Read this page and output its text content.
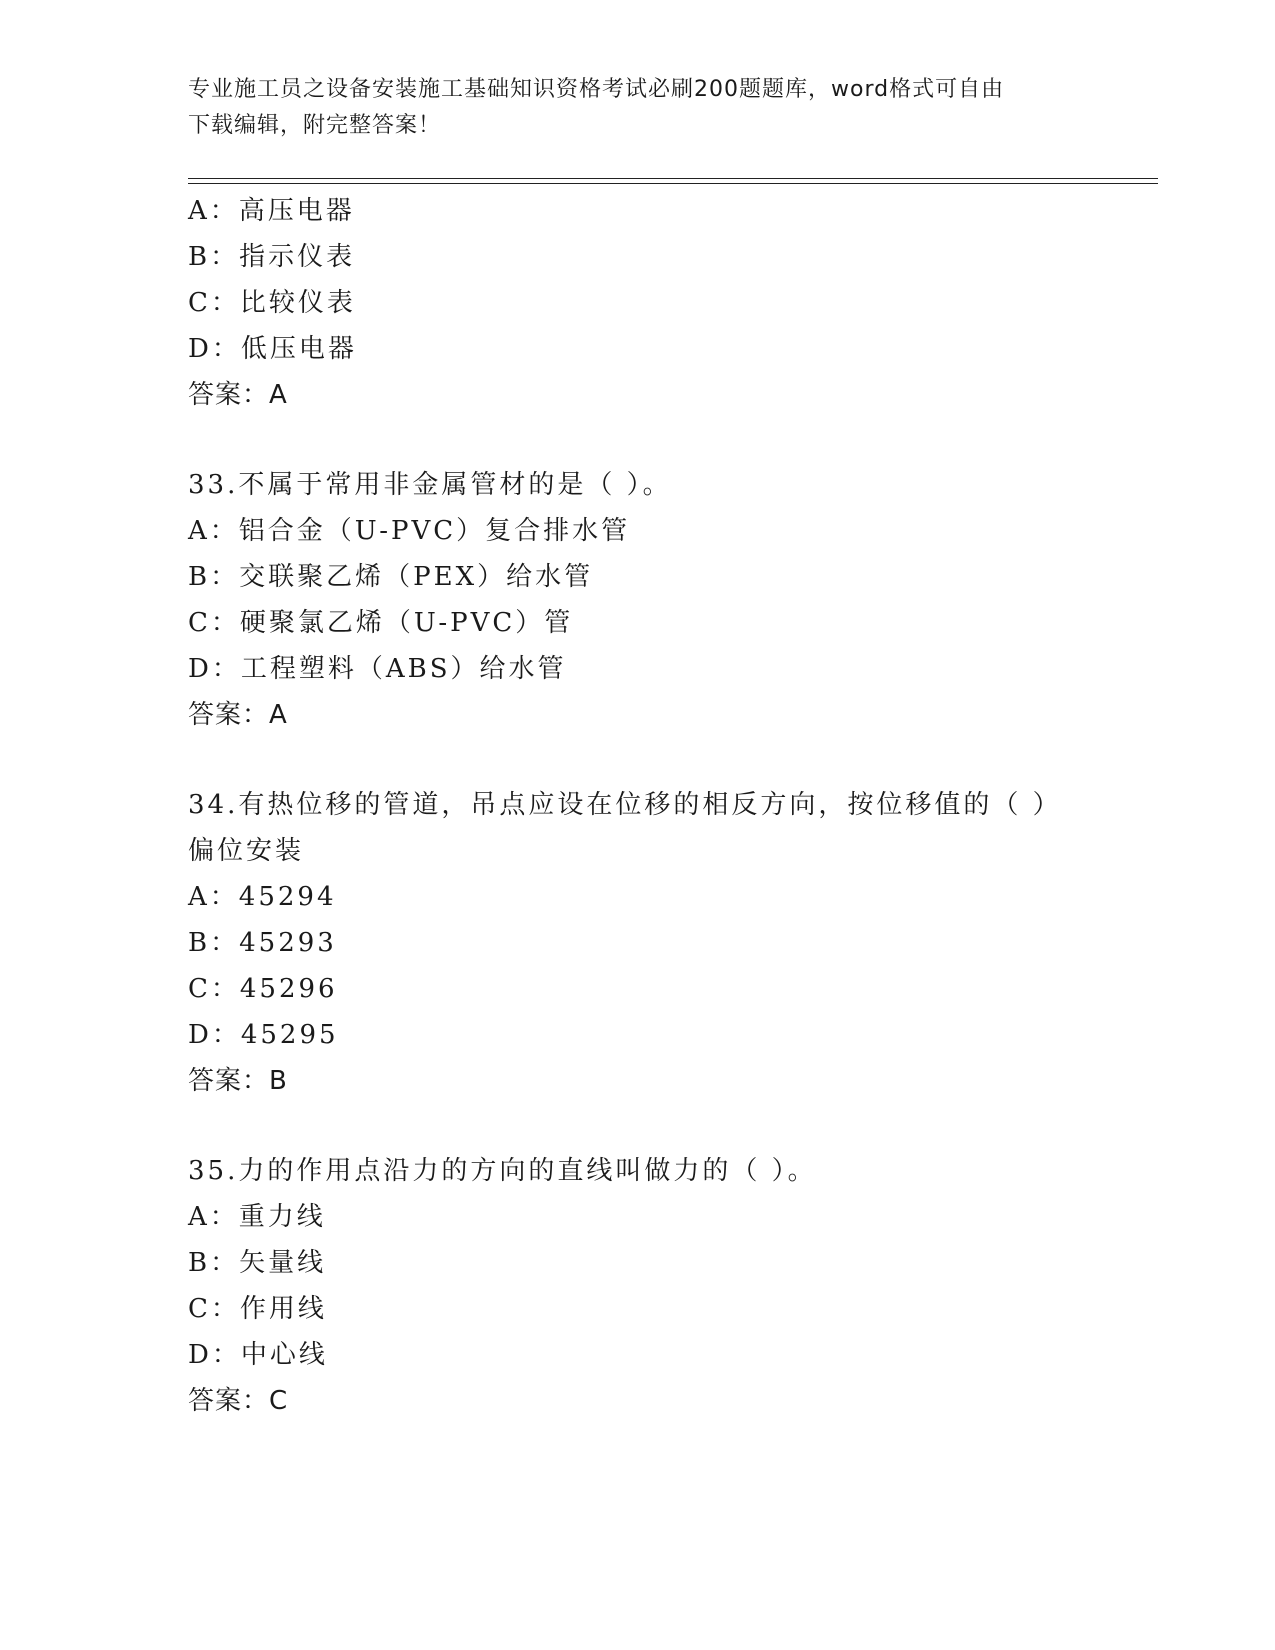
专业施工员之设备安装施工基础知识资格考试必刷200题题库，word格式可自由
下载编辑，附完整答案！
A：高压电器
B：指示仪表
C：比较仪表
D：低压电器
答案：A
33.不属于常用非金属管材的是（ ）。
A：铝合金（U-PVC）复合排水管
B：交联聚乙烯（PEX）给水管
C：硬聚氯乙烯（U-PVC）管
D：工程塑料（ABS）给水管
答案：A
34.有热位移的管道，吊点应设在位移的相反方向，按位移值的（ ）
偏位安装
A：45294
B：45293
C：45296
D：45295
答案：B
35.力的作用点沿力的方向的直线叫做力的（ ）。
A：重力线
B：矢量线
C：作用线
D：中心线
答案：C
